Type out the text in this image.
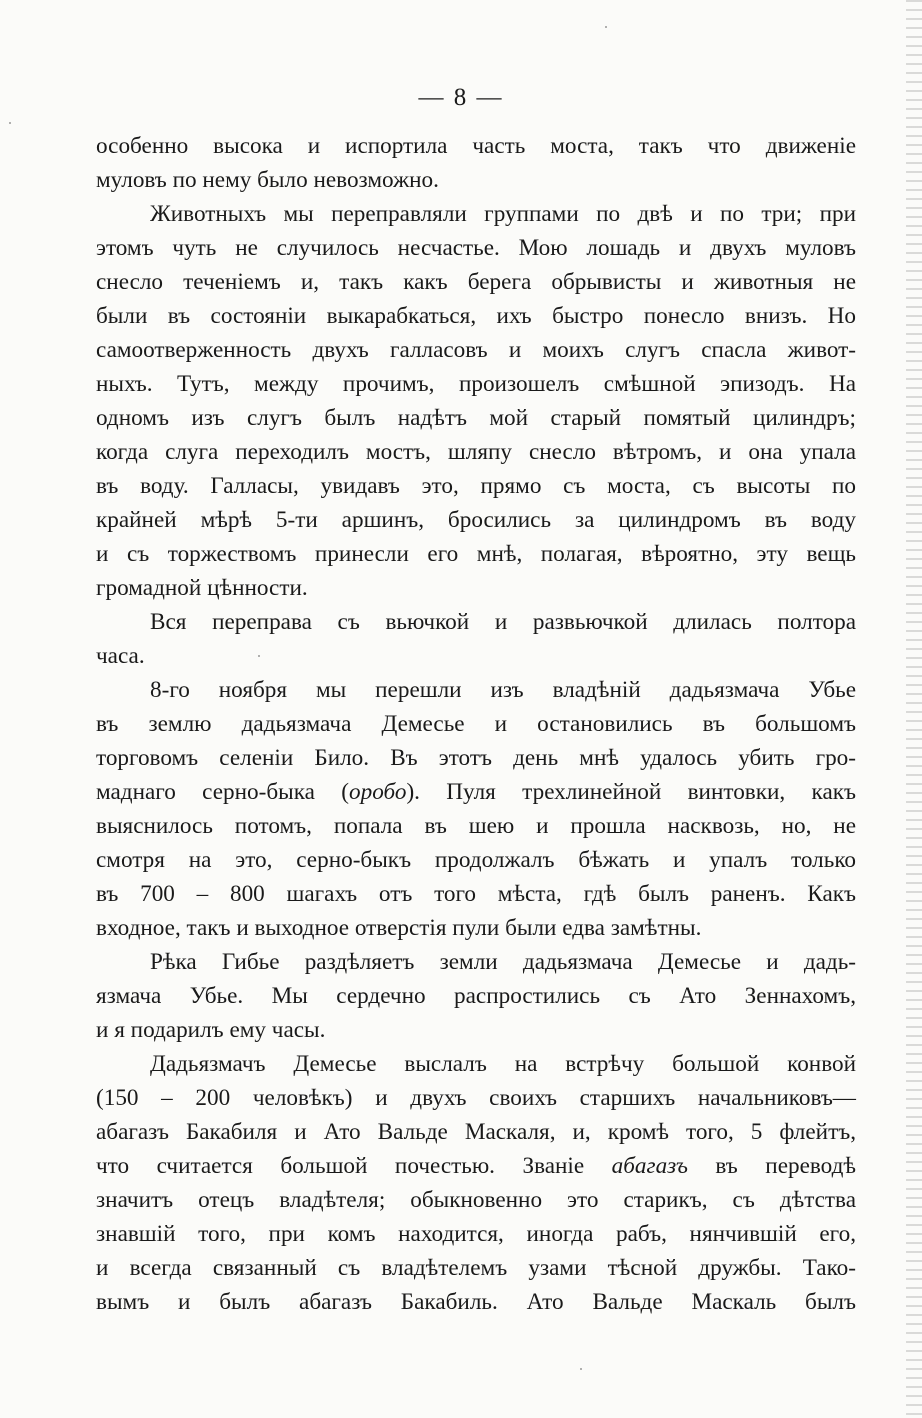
— 8 —
особенно высока и испортила часть моста, такъ что движеніе
муловъ по нему было невозможно.
Животныхъ мы переправляли группами по двѣ и по три; при
этомъ чуть не случилось несчастье. Мою лошадь и двухъ муловъ
снесло теченіемъ и, такъ какъ берега обрывисты и животныя не
были въ состояніи выкарабкаться, ихъ быстро понесло внизъ. Но
самоотверженность двухъ галласовъ и моихъ слугъ спасла живот-
ныхъ. Тутъ, между прочимъ, произошелъ смѣшной эпизодъ. На
одномъ изъ слугъ былъ надѣтъ мой старый помятый цилиндръ;
когда слуга переходилъ мостъ, шляпу снесло вѣтромъ, и она упала
въ воду. Галласы, увидавъ это, прямо съ моста, съ высоты по
крайней мѣрѣ 5-ти аршинъ, бросились за цилиндромъ въ воду
и съ торжествомъ принесли его мнѣ, полагая, вѣроятно, эту вещь
громадной цѣнности.
Вся переправа съ вьючкой и развьючкой длилась полтора
часа.
8-го ноября мы перешли изъ владѣній дадьязмача Убье
въ землю дадьязмача Демесье и остановились въ большомъ
торговомъ селеніи Било. Въ этотъ день мнѣ удалось убить гро-
маднаго серно-быка (оробо). Пуля трехлинейной винтовки, какъ
выяснилось потомъ, попала въ шею и прошла насквозь, но, не
смотря на это, серно-быкъ продолжалъ бѣжать и упалъ только
въ 700 – 800 шагахъ отъ того мѣста, гдѣ былъ раненъ. Какъ
входное, такъ и выходное отверстія пули были едва замѣтны.
Рѣка Гибье раздѣляетъ земли дадьязмача Демесье и дадь-
язмача Убье. Мы сердечно распростились съ Ато Зеннахомъ,
и я подарилъ ему часы.
Дадьязмачъ Демесье выслалъ на встрѣчу большой конвой
(150 – 200 человѣкъ) и двухъ своихъ старшихъ начальниковъ—
абагазъ Бакабиля и Ато Вальде Маскаля, и, кромѣ того, 5 флейтъ,
что считается большой почестью. Званіе абагазъ въ переводѣ
значитъ отецъ владѣтеля; обыкновенно это старикъ, съ дѣтства
знавшій того, при комъ находится, иногда рабъ, нянчившій его,
и всегда связанный съ владѣтелемъ узами тѣсной дружбы. Тако-
вымъ и былъ абагазъ Бакабиль. Ато Вальде Маскаль былъ
